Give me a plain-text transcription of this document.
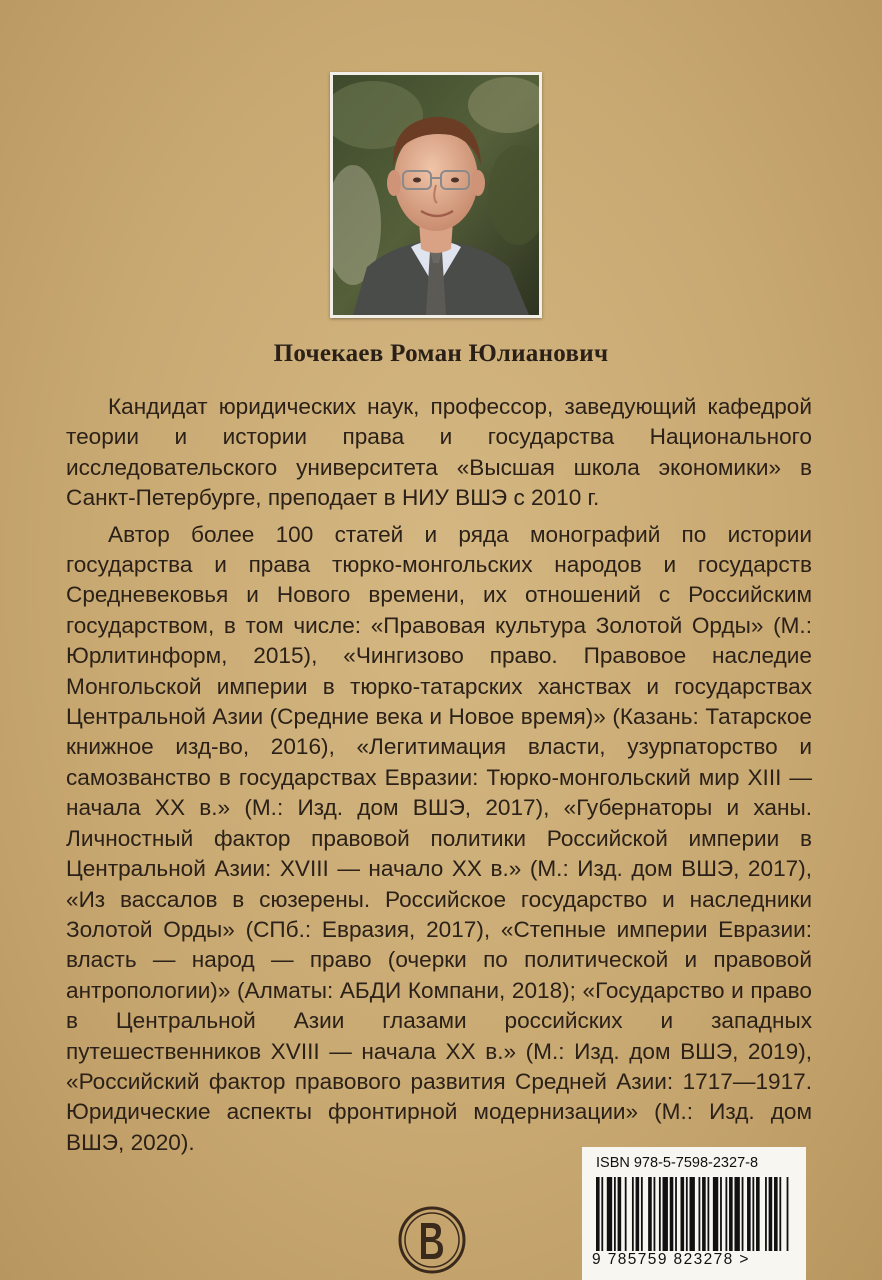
Почекаев Роман Юлианович

Кандидат юридических наук, профессор, заведующий кафедрой теории и истории права и государства Национального исследовательского университета «Высшая школа экономики» в Санкт-Петербурге, преподает в НИУ ВШЭ с 2010 г.

Автор более 100 статей и ряда монографий по истории государства и права тюрко-монгольских народов и государств Средневековья и Нового времени, их отношений с Российским государством, в том числе: «Правовая культура Золотой Орды» (М.: Юрлитинформ, 2015), «Чингизово право. Правовое наследие Монгольской империи в тюрко-татарских ханствах и государствах Центральной Азии (Средние века и Новое время)» (Казань: Татарское книжное изд-во, 2016), «Легитимация власти, узурпаторство и самозванство в государствах Евразии: Тюрко-монгольский мир XIII — начала XX в.» (М.: Изд. дом ВШЭ, 2017), «Губернаторы и ханы. Личностный фактор правовой политики Российской империи в Центральной Азии: XVIII — начало XX в.» (М.: Изд. дом ВШЭ, 2017), «Из вассалов в сюзерены. Российское государство и наследники Золотой Орды» (СПб.: Евразия, 2017), «Степные империи Евразии: власть — народ — право (очерки по политической и правовой антропологии)» (Алматы: АБДИ Компани, 2018); «Государство и право в Центральной Азии глазами российских и западных путешественников XVIII — начала XX в.» (М.: Изд. дом ВШЭ, 2019), «Российский фактор правового развития Средней Азии: 1717—1917. Юридические аспекты фронтирной модернизации» (М.: Изд. дом ВШЭ, 2020).

ISBN 978-5-7598-2327-8
9 785759 823278 >
